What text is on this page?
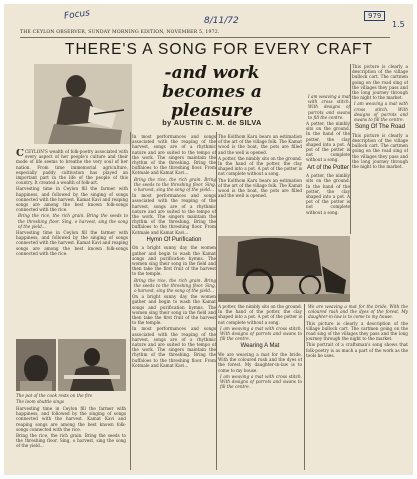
Focus	8/11/72	979
1.5
THE CEYLON OBSERVER, SUNDAY MORNING EDITION, NOVEMBER 5, 1972.
THERE'S A SONG FOR EVERY CRAFT
-and work becomes a pleasure
by AUSTIN C. M. de SILVA

CCEYLON'S wealth of folk-poetry associated with every aspect of her people's culture and their mode of life seems to breathe the very soul of her nation. From time immemorial agriculture, especially paddy cultivation has played an important part in the life of the people of this country. It created a wealth of folk-art.

Harvesting time in Ceylon fill the farmer with happiness, and followed by the singing of songs connected with the harvest. Kamat Kavi and reaping songs are among the best known folk-songs connected with the rice.

Bring the rice, the rich grain. Bring the seeds to the threshing floor. Sing, o harvest, sing the song of the yield...

Harvesting time in Ceylon fill the farmer with happiness, and followed by the singing of songs connected with the harvest. Kamat Kavi and reaping songs are among the best known folk-songs connected with the rice.

The pot of the cook rests on the fire

The loom shuttle sings

Harvesting time in Ceylon fill the farmer with happiness, and followed by the singing of songs connected with the harvest. Kamat Kavi and reaping songs are among the best known folk-songs connected with the rice.

Bring the rice, the rich grain. Bring the seeds to the threshing floor. Sing, o harvest, sing the song of the yield...

In most performances and songs associated with the reaping of the harvest, songs are of a rhythmic nature and are suited to the tempo of the work. The singers maintain the rhythm of the threshing. Bring the buffaloes to the threshing floor. From Kotmale and Kamat Kavi...

Bring the rice, the rich grain. Bring the seeds to the threshing floor. Sing, o harvest, sing the song of the yield...

In most performances and songs associated with the reaping of the harvest, songs are of a rhythmic nature and are suited to the tempo of the work. The singers maintain the rhythm of the threshing. Bring the buffaloes to the threshing floor. From Kotmale and Kamat Kavi...

Hymn Of Purification

On a bright sunny day the women gather and begin to wash the Kamat songs and purification hymns. The women sing their song in the field and then take the first fruit of the harvest to the temple.

Bring the rice, the rich grain. Bring the seeds to the threshing floor. Sing, o harvest, sing the song of the yield...

On a bright sunny day the women gather and begin to wash the Kamat songs and purification hymns. The women sing their song in the field and then take the first fruit of the harvest to the temple.

In most performances and songs associated with the reaping of the harvest, songs are of a rhythmic nature and are suited to the tempo of the work. The singers maintain the rhythm of the threshing. Bring the buffaloes to the threshing floor. From Kotmale and Kamat Kavi...

The Kolthom Karu bears an estimation of the art of the village folk. The Kamat wood is the boat, the pots are filled and the well is opened.

A potter, the nimbly sits on the ground. In the hand of the potter, the clay shaped into a pot. A pot of the potter is not complete without a song.

The Kolthom Karu bears an estimation of the art of the village folk. The Kamat wood is the boat, the pots are filled and the well is opened.

I am weaving a mat with cross stitch. With designs of parrots and swans to fill the centre.

A potter, the nimbly sits on the ground. In the hand of the potter, the clay shaped into a pot. A pot of the potter is not complete without a song.

Art of the Potter

A potter, the nimbly sits on the ground. In the hand of the potter, the clay shaped into a pot. A pot of the potter is not complete without a song.

This picture is clearly a description of the village bullock cart. The cartmen going on the road sing of the villages they pass and the long journey through the night to the market.

I am weaving a mat with cross stitch. With designs of parrots and swans to fill the centre.

Song Of The Road

This picture is clearly a description of the village bullock cart. The cartmen going on the road sing of the villages they pass and the long journey through the night to the market.

A potter, the nimbly sits on the ground. In the hand of the potter, the clay shaped into a pot. A pot of the potter is not complete without a song.

I am weaving a mat with cross stitch. With designs of parrots and swans to fill the centre.

Wearing A Mat

We are weaving a mat for the bride. With the coloured rush and the dyes of the forest. My daughter-in-law is to come to my house.

I am weaving a mat with cross stitch. With designs of parrots and swans to fill the centre.

We are weaving a mat for the bride. With the coloured rush and the dyes of the forest. My daughter-in-law is to come to my house.

This picture is clearly a description of the village bullock cart. The cartmen going on the road sing of the villages they pass and the long journey through the night to the market.

This portrait of a craftsman's song shows that folk-poetry is as much a part of the work as the tools he uses.
